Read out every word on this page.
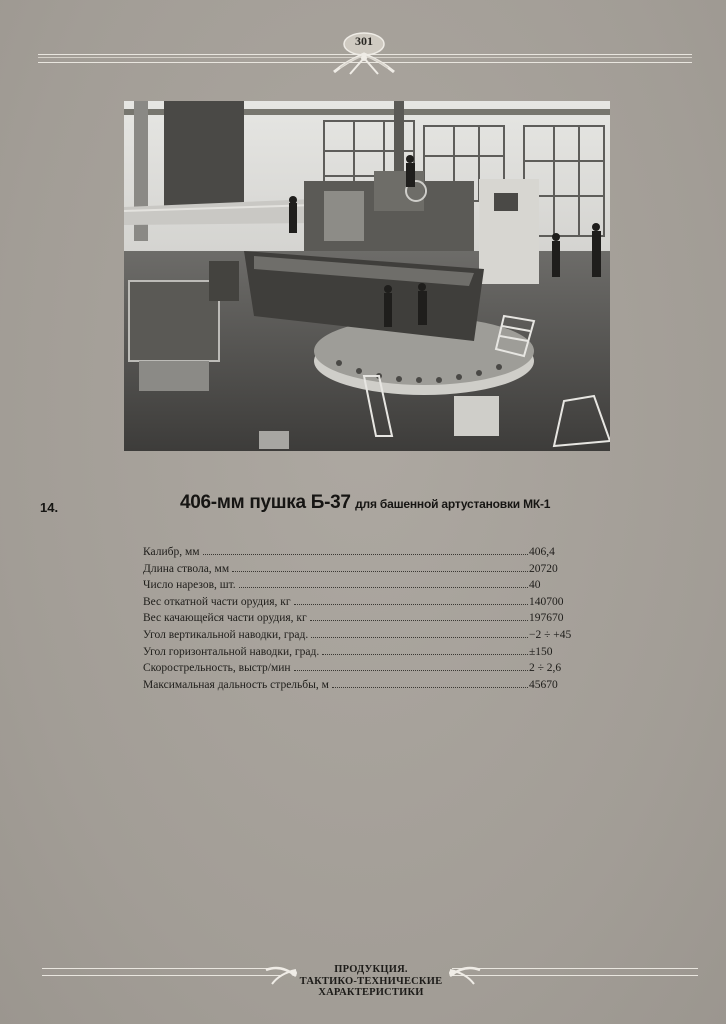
301
14.	406-мм пушка Б-37 для башенной артустановки МК-1
Калибр, мм	406,4
Длина ствола, мм	20720
Число нарезов, шт.	40
Вес откатной части орудия, кг	140700
Вес качающейся части орудия, кг	197670
Угол вертикальной наводки, град.	−2 ÷ +45
Угол горизонтальной наводки, град.	±150
Скорострельность, выстр/мин	2 ÷ 2,6
Максимальная дальность стрельбы, м	45670
ПРОДУКЦИЯ.
ТАКТИКО-ТЕХНИЧЕСКИЕ
ХАРАКТЕРИСТИКИ
